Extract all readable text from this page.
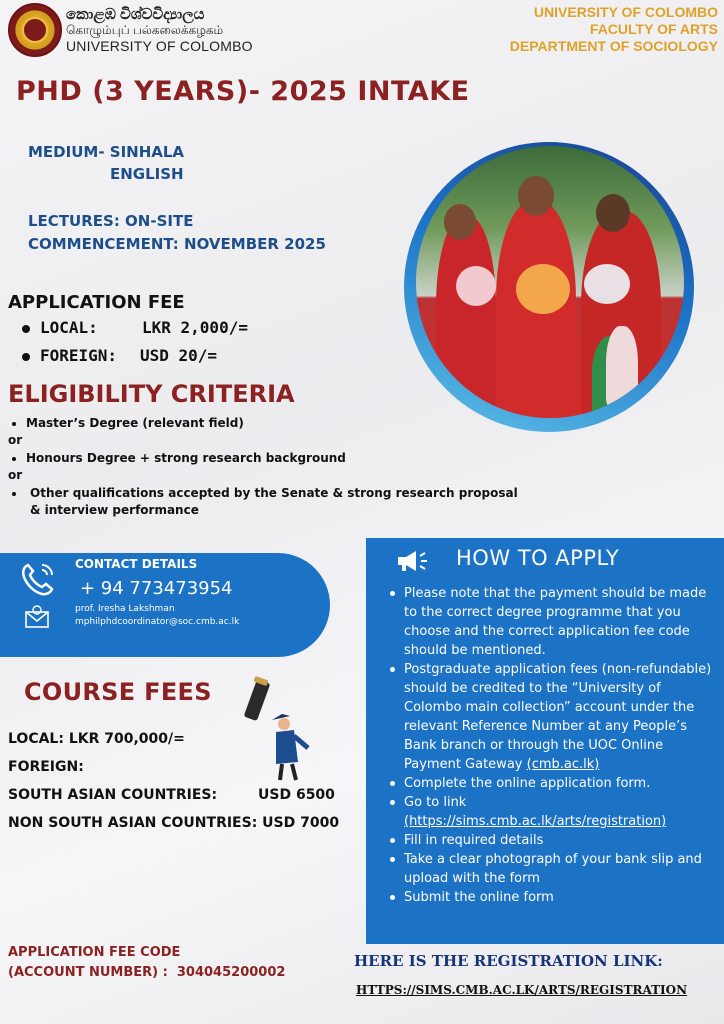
කොළඹ විශ්වවිද්‍යාලය
கொழும்புப் பல்கலைக்கழகம்
UNIVERSITY OF COLOMBO
UNIVERSITY OF COLOMBO
FACULTY OF ARTS
DEPARTMENT OF SOCIOLOGY
PHD (3 YEARS)- 2025 INTAKE
MEDIUM- SINHALA
ENGLISH
LECTURES: ON-SITE
COMMENCEMENT: NOVEMBER 2025
APPLICATION FEE
LOCAL:	LKR 2,000/=
FOREIGN: USD 20/=
ELIGIBILITY CRITERIA
Master’s Degree (relevant field)
or
Honours Degree + strong research background
or
Other qualifications accepted by the Senate & strong research proposal
& interview performance
CONTACT DETAILS
+ 94 773473954
prof. Iresha Lakshman
mphilphdcoordinator@soc.cmb.ac.lk
COURSE FEES
LOCAL: LKR 700,000/=
FOREIGN:
SOUTH ASIAN COUNTRIES:	USD 6500
NON SOUTH ASIAN COUNTRIES: USD 7000
HOW TO APPLY
Please note that the payment should be made to the correct degree programme that you choose and the correct application fee code should be mentioned.
Postgraduate application fees (non-refundable) should be credited to the “University of Colombo main collection” account under the relevant Reference Number at any People’s Bank branch or through the UOC Online Payment Gateway (cmb.ac.lk)
Complete the online application form.
Go to link
(https://sims.cmb.ac.lk/arts/registration)
Fill in required details
Take a clear photograph of your bank slip and upload with the form
Submit the online form
APPLICATION FEE CODE
(ACCOUNT NUMBER) : 304045200002
HERE IS THE REGISTRATION LINK:
HTTPS://SIMS.CMB.AC.LK/ARTS/REGISTRATION
